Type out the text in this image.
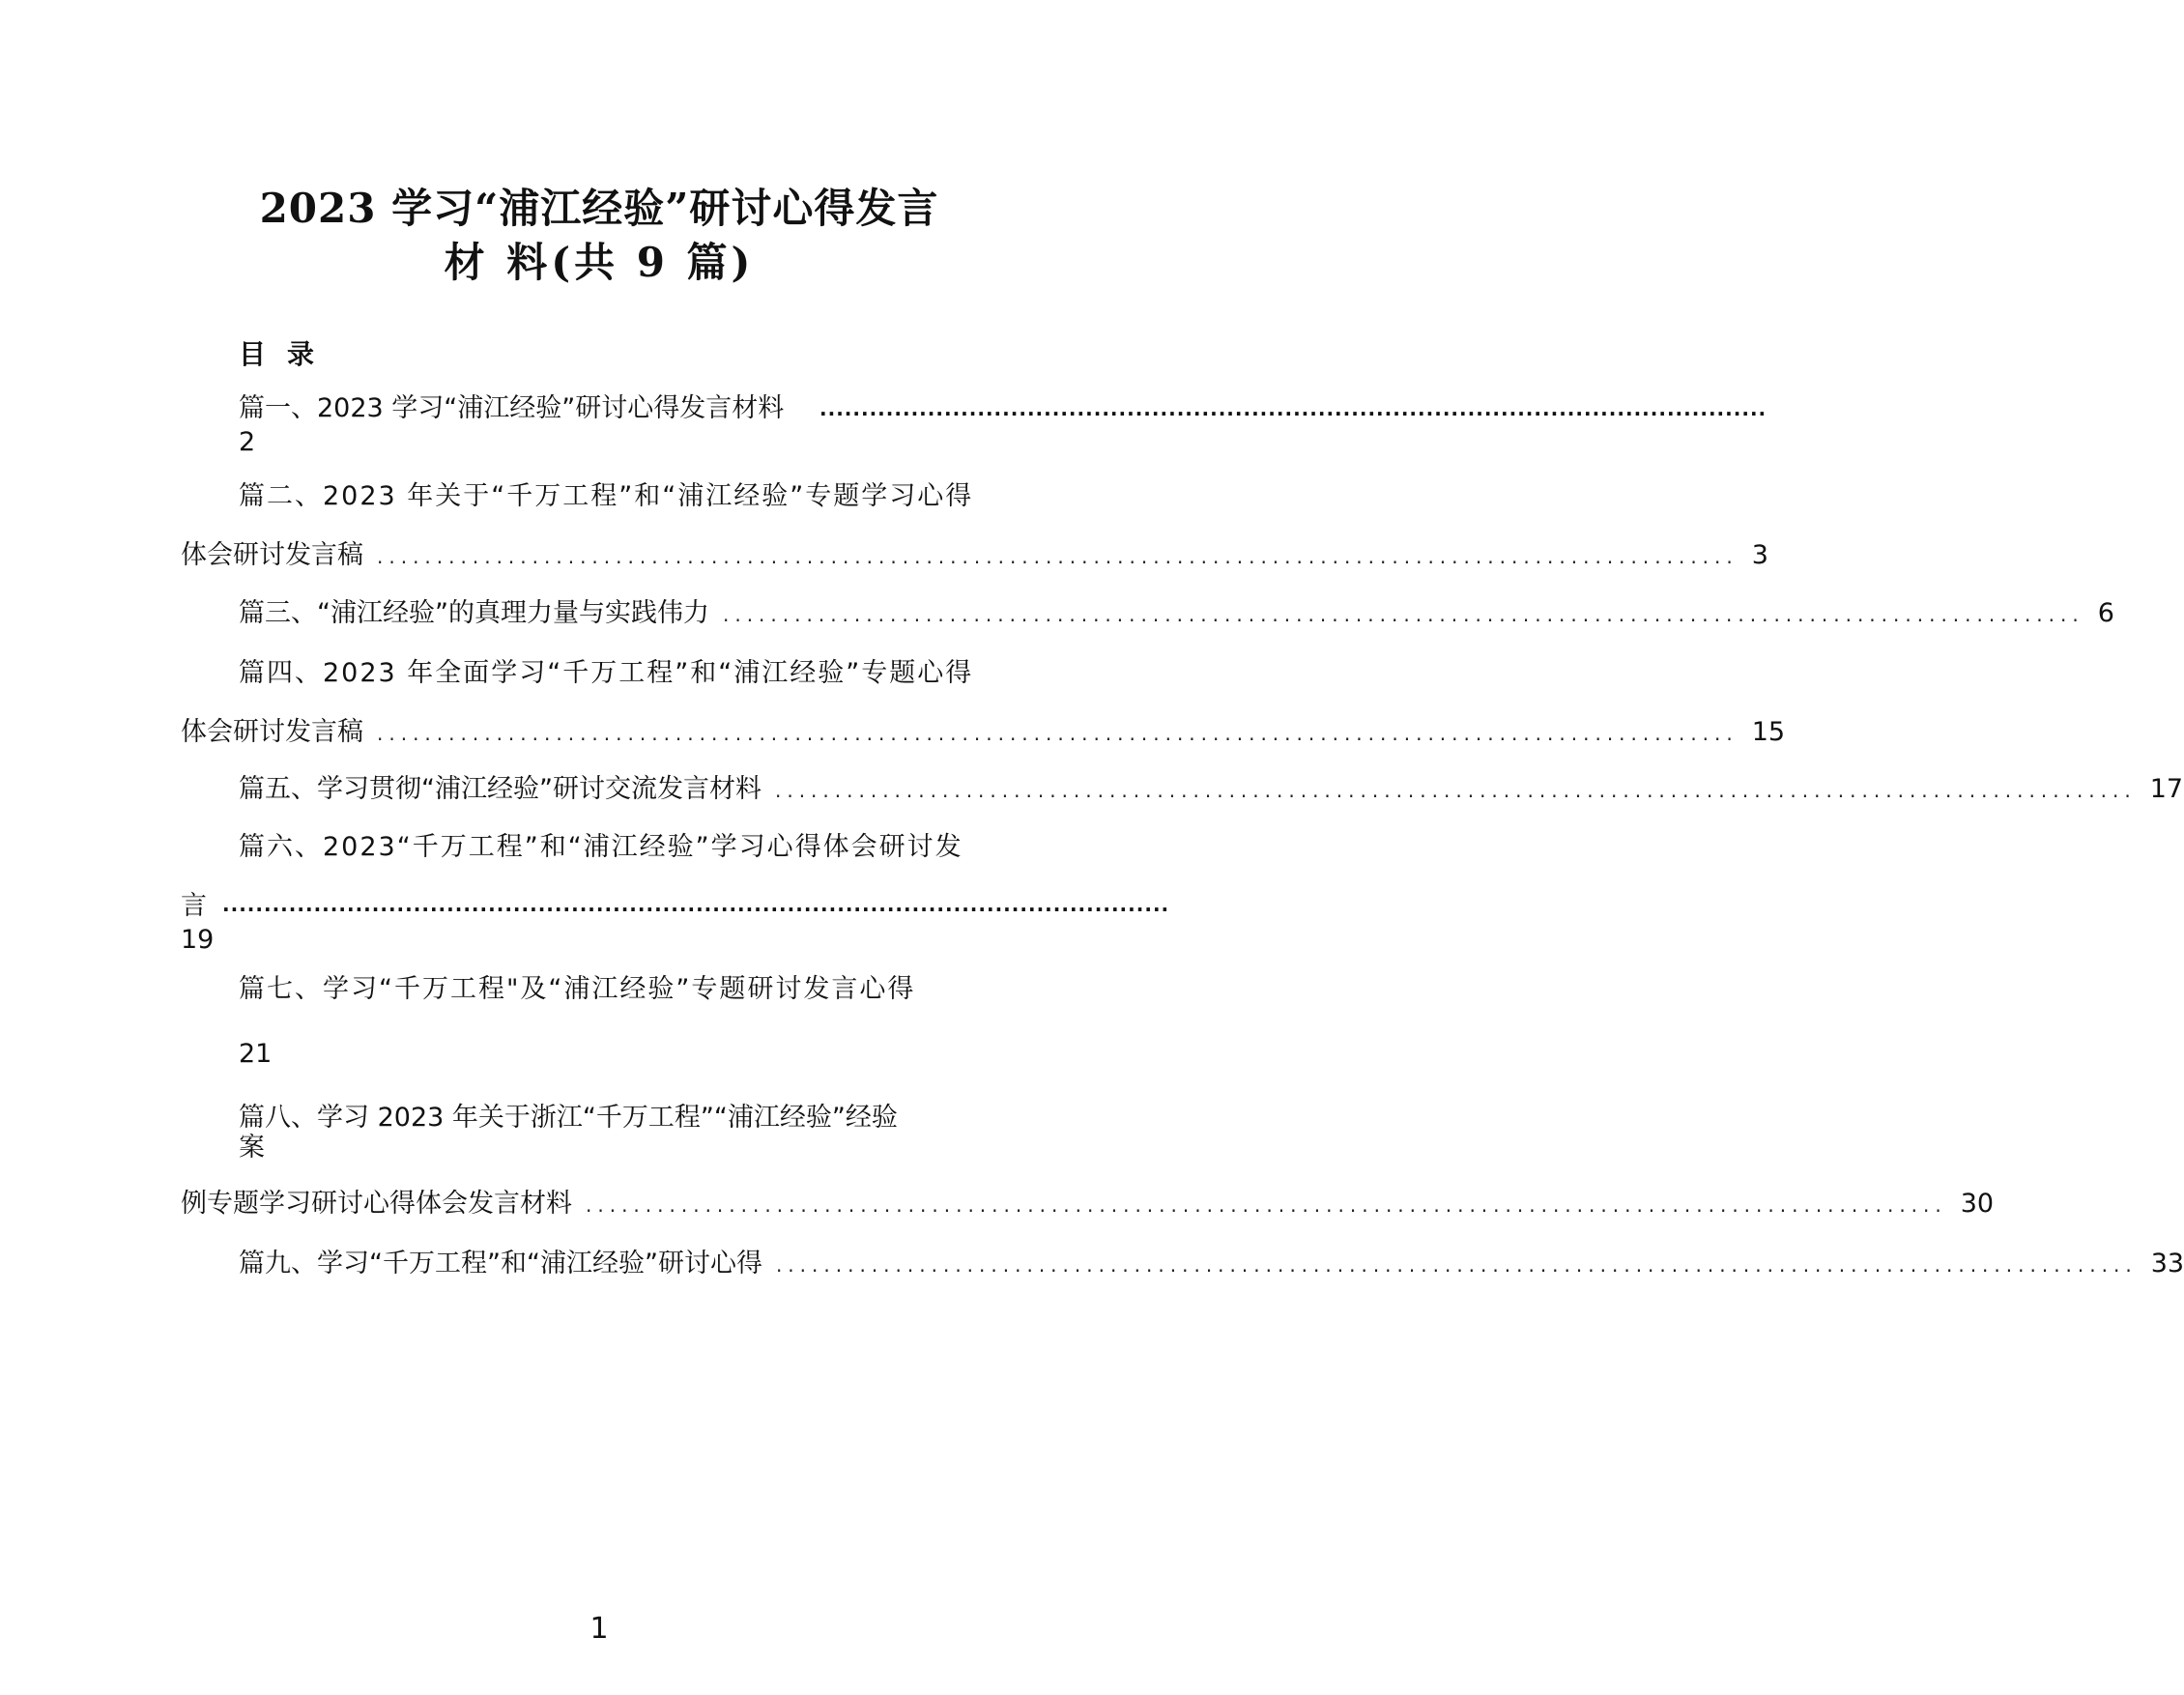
2023 学习“浦江经验”研讨心得发言
材 料(共 9 篇)
目录
篇一、2023 学习“浦江经验”研讨心得发言材料 ..................................................................................................................
2
篇二、2023 年关于“千万工程”和“浦江经验”专题学习心得
体会研讨发言稿 .................................................................................................................. 3
篇三、“浦江经验”的真理力量与实践伟力 .................................................................................................................. 6
篇四、2023 年全面学习“千万工程”和“浦江经验”专题心得
体会研讨发言稿 .................................................................................................................. 15
篇五、学习贯彻“浦江经验”研讨交流发言材料 .................................................................................................................. 17
篇六、2023“千万工程”和“浦江经验”学习心得体会研讨发
言 ..................................................................................................................
19
篇七、学习“千万工程"及“浦江经验”专题研讨发言心得
21
篇八、学习 2023 年关于浙江“千万工程”“浦江经验”经验
案
例专题学习研讨心得体会发言材料 .................................................................................................................. 30
篇九、学习“千万工程”和“浦江经验”研讨心得 .................................................................................................................. 33
1
